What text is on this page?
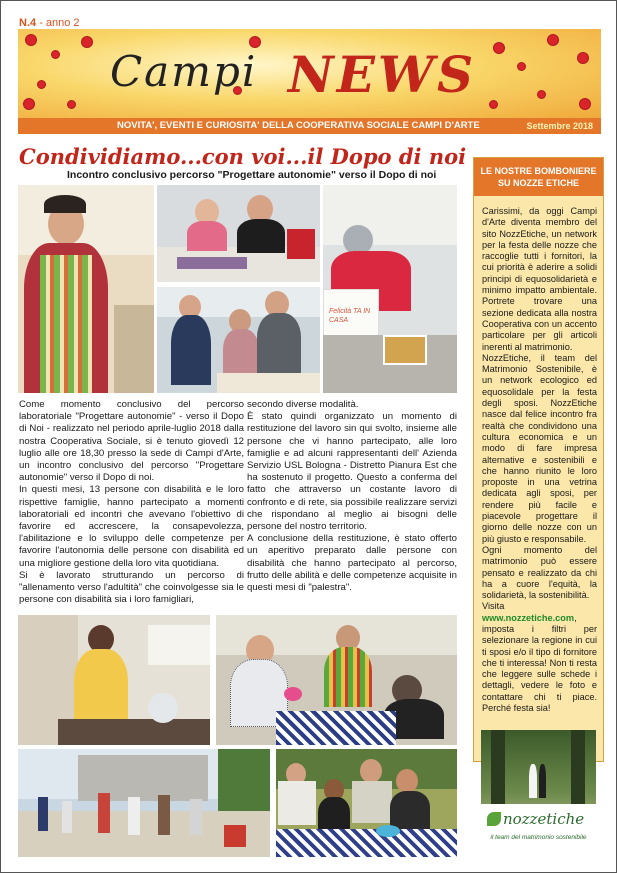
N.4 - anno 2
Campi NEWS
NOVITA', EVENTI E CURIOSITA' DELLA COOPERATIVA SOCIALE CAMPI D'ARTE	Settembre 2018
Condividiamo...con voi...il Dopo di noi
Incontro conclusivo percorso "Progettare autonomie" verso il Dopo di noi
Felicità TA IN CASA

Come momento conclusivo del percorso laboratoriale "Progettare autonomie" - verso il Dopo di Noi - realizzato nel periodo aprile-luglio 2018 dalla nostra Cooperativa Sociale, si è tenuto giovedì 12 luglio alle ore 18,30 presso la sede di Campi d'Arte, un incontro conclusivo del percorso "Progettare autonomie" verso il Dopo di noi.

In questi mesi, 13 persone con disabilità e le loro rispettive famiglie, hanno partecipato a momenti laboratoriali ed incontri che avevano l'obiettivo di favorire ed accrescere, la consapevolezza, l'abilitazione e lo sviluppo delle competenze per favorire l'autonomia delle persone con disabilità ed una migliore gestione della loro vita quotidiana.

Si è lavorato strutturando un percorso di "allenamento verso l'adultità" che coinvolgesse sia le persone con disabilità sia i loro famigliari,

secondo diverse modalità.

È stato quindi organizzato un momento di restituzione del lavoro sin qui svolto, insieme alle persone che vi hanno partecipato, alle loro famiglie e ad alcuni rappresentanti dell' Azienda Servizio USL Bologna - Distretto Pianura Est che ha sostenuto il progetto. Questo a conferma del fatto che attraverso un costante lavoro di confronto e di rete, sia possibile realizzare servizi che rispondano al meglio ai bisogni delle persone del nostro territorio.

A conclusione della restituzione, è stato offerto un aperitivo preparato dalle persone con disabilità che hanno partecipato al percorso, frutto delle abilità e delle competenze acquisite in questi mesi di "palestra".

LE NOSTRE BOMBONIERE SU NOZZE ETICHE

Carissimi, da oggi Campi d'Arte diventa membro del sito NozzEtiche, un network per la festa delle nozze che raccoglie tutti i fornitori, la cui priorità è aderire a solidi principi di equosolidarietà e minimo impatto ambientale. Portrete trovare una sezione dedicata alla nostra Cooperativa con un accento particolare per gli articoli inerenti al matrimonio.

NozzEtiche, il team del Matrimonio Sostenibile, è un network ecologico ed equosolidale per la festa degli sposi. NozzEtiche nasce dal felice incontro fra realtà che condividono una cultura economica e un modo di fare impresa alternative e sostenibili e che hanno riunito le loro proposte in una vetrina dedicata agli sposi, per rendere più facile e piacevole progettare il giorno delle nozze con un più giusto e responsabile.

Ogni momento del matrimonio può essere pensato e realizzato da chi ha a cuore l'equità, la solidarietà, la sostenibilità.

Visita www.nozzetiche.com, imposta i filtri per selezionare la regione in cui ti sposi e/o il tipo di fornitore che ti interessa! Non ti resta che leggere sulle schede i dettagli, vedere le foto e contattare chi ti piace. Perché festa sia!

nozzetiche
il team del matrimonio sostenibile
